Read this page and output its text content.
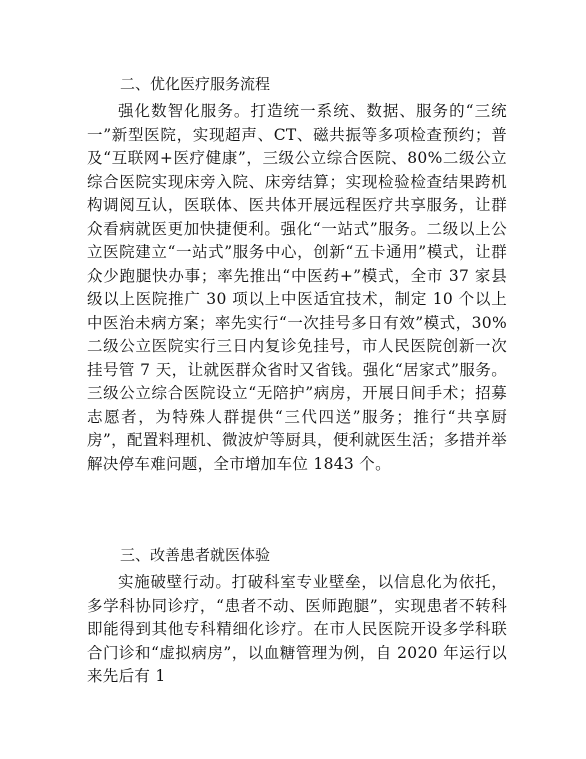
二、优化医疗服务流程

强化数智化服务。打造统一系统、数据、服务的“三统一”新型医院，实现超声、CT、磁共振等多项检查预约；普及“互联网+医疗健康”，三级公立综合医院、80%二级公立综合医院实现床旁入院、床旁结算；实现检验检查结果跨机构调阅互认，医联体、医共体开展远程医疗共享服务，让群众看病就医更加快捷便利。强化“一站式”服务。二级以上公立医院建立“一站式”服务中心，创新“五卡通用”模式，让群众少跑腿快办事；率先推出“中医药+”模式，全市 37 家县级以上医院推广 30 项以上中医适宜技术，制定 10 个以上中医治未病方案；率先实行“一次挂号多日有效”模式，30%二级公立医院实行三日内复诊免挂号，市人民医院创新一次挂号管 7 天，让就医群众省时又省钱。强化“居家式”服务。三级公立综合医院设立“无陪护”病房，开展日间手术；招募志愿者，为特殊人群提供“三代四送”服务；推行“共享厨房”，配置料理机、微波炉等厨具，便利就医生活；多措并举解决停车难问题，全市增加车位 1843 个。

三、改善患者就医体验

实施破壁行动。打破科室专业壁垒，以信息化为依托，多学科协同诊疗，“患者不动、医师跑腿”，实现患者不转科即能得到其他专科精细化诊疗。在市人民医院开设多学科联合门诊和“虚拟病房”，以血糖管理为例，自 2020 年运行以来先后有 1
